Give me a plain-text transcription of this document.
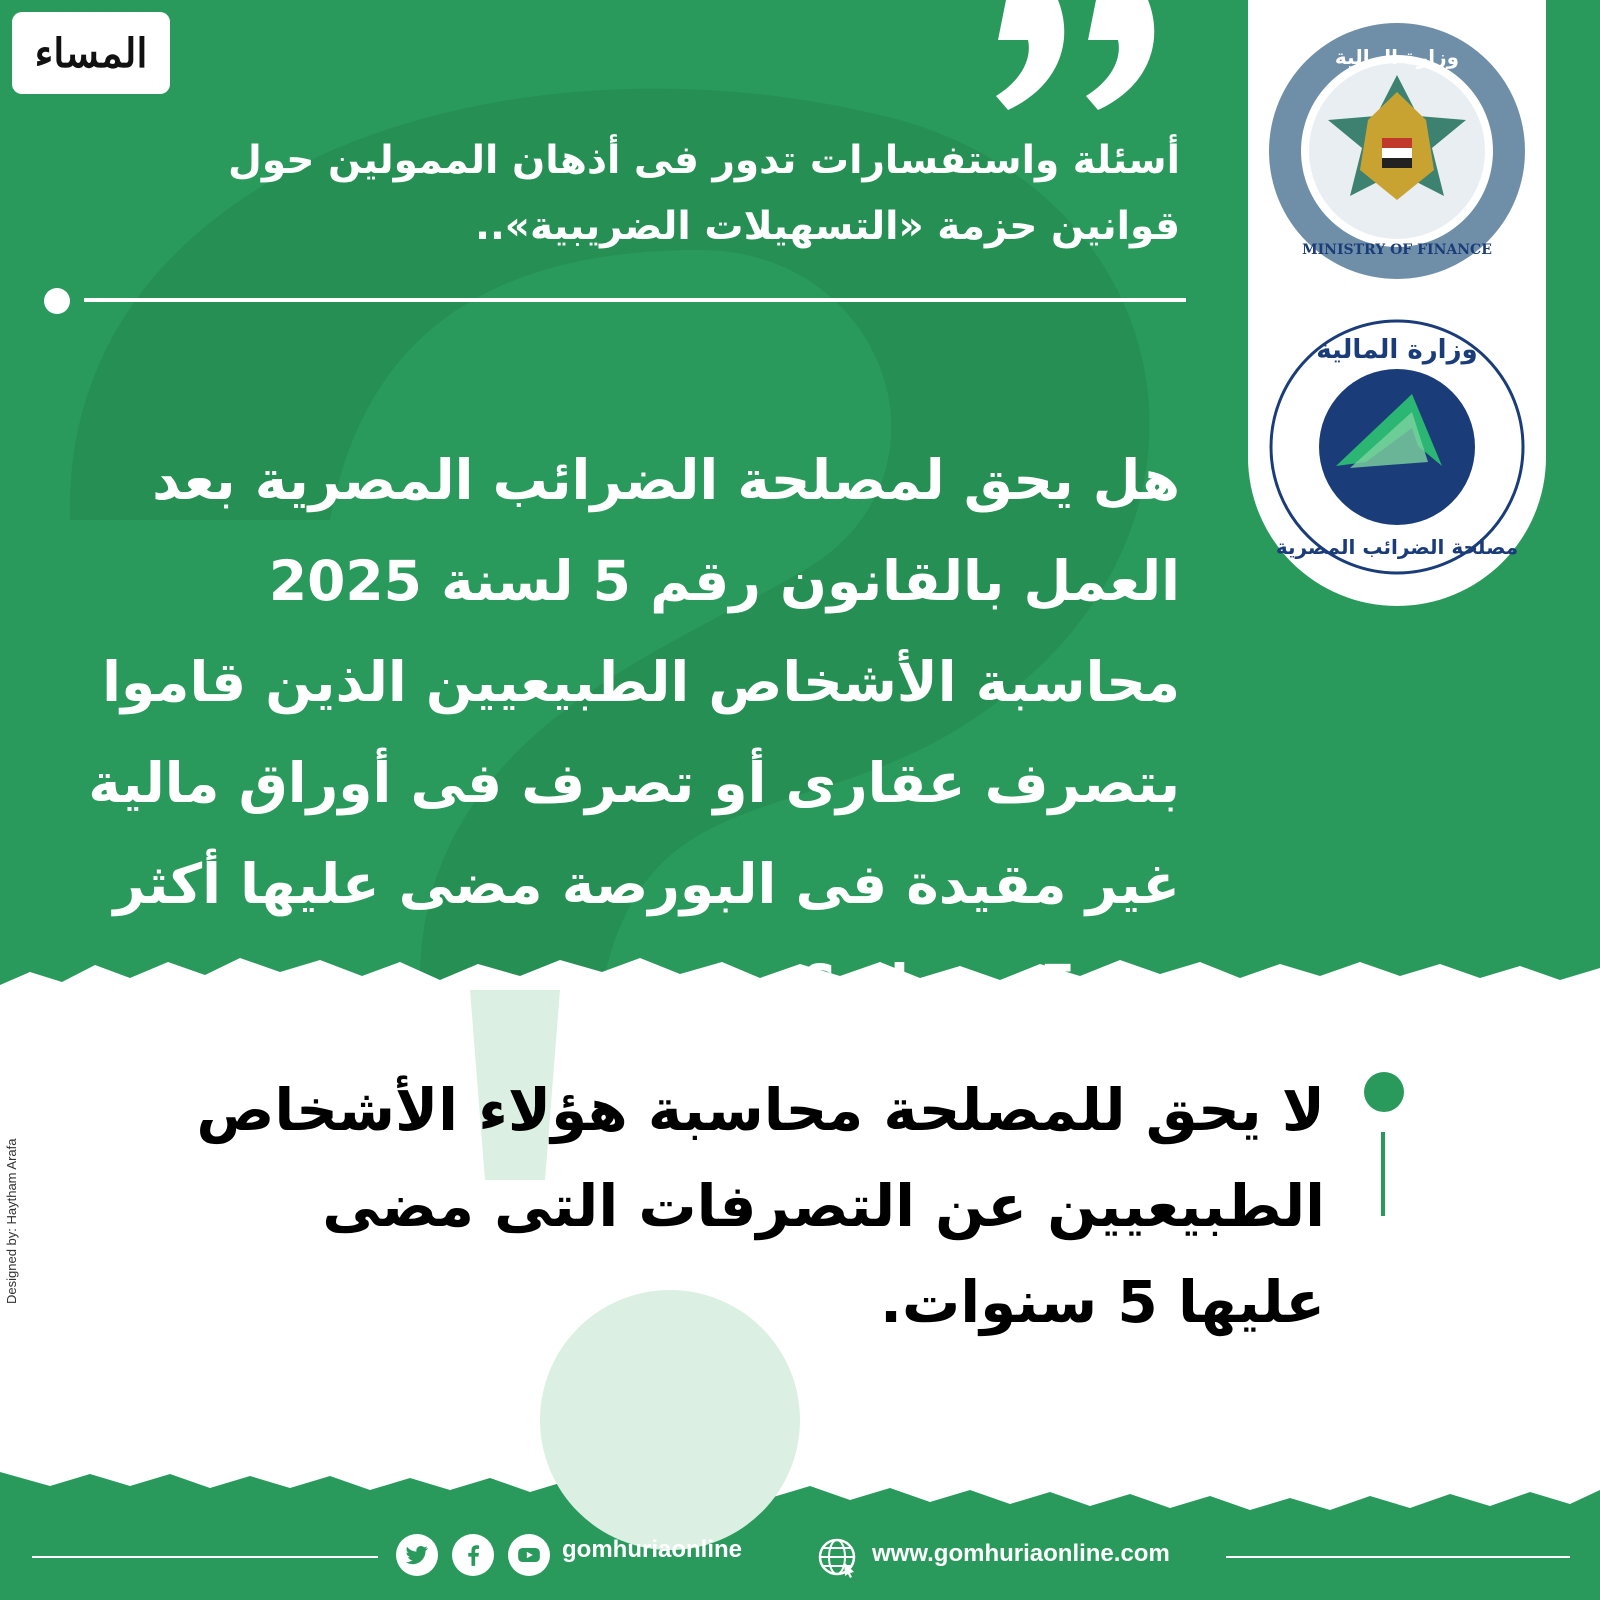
المساء

أسئلة واستفسارات تدور فى أذهان الممولين حول قوانين حزمة «التسهيلات الضريبية»..

هل يحق لمصلحة الضرائب المصرية بعد العمل بالقانون رقم 5 لسنة 2025 محاسبة الأشخاص الطبيعيين الذين قاموا بتصرف عقارى أو تصرف فى أوراق مالية غير مقيدة فى البورصة مضى عليها أكثر من 5 سنوات؟

وزارة المالية
MINISTRY OF FINANCE
وزارة المالية
مصلحة الضرائب المصرية

لا يحق للمصلحة محاسبة هؤلاء الأشخاص الطبيعيين عن التصرفات التى مضى عليها 5 سنوات.

Designed by: Haytham Arafa
gomhuriaonline	www.gomhuriaonline.com
